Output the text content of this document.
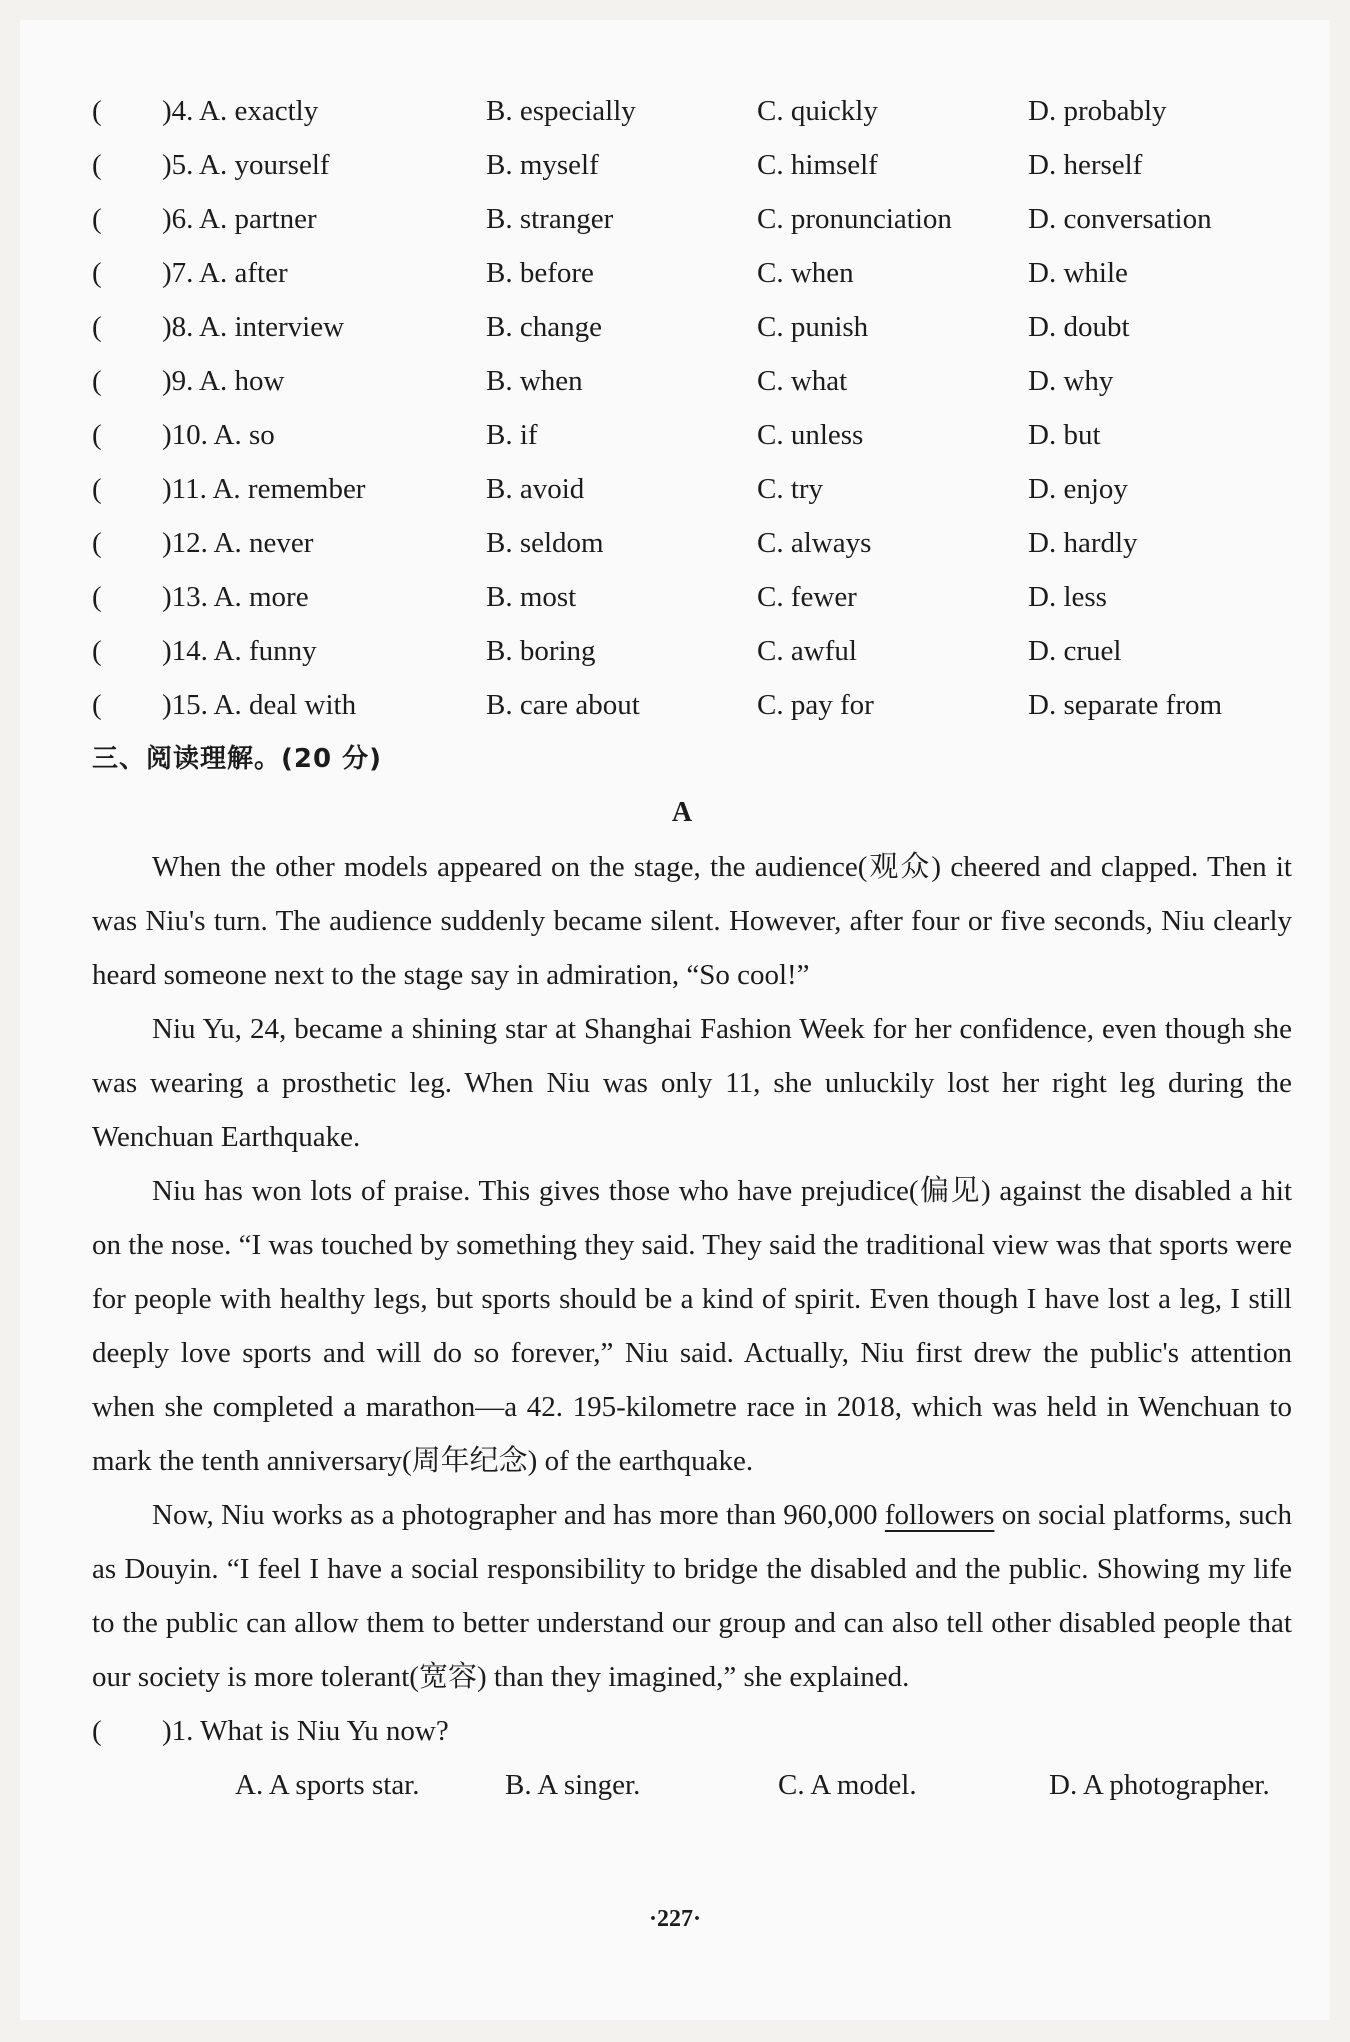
( )4. A. exactly	B. especially	C. quickly	D. probably
( )5. A. yourself	B. myself	C. himself	D. herself
( )6. A. partner	B. stranger	C. pronunciation	D. conversation
( )7. A. after	B. before	C. when	D. while
( )8. A. interview	B. change	C. punish	D. doubt
( )9. A. how	B. when	C. what	D. why
( )10. A. so	B. if	C. unless	D. but
( )11. A. remember	B. avoid	C. try	D. enjoy
( )12. A. never	B. seldom	C. always	D. hardly
( )13. A. more	B. most	C. fewer	D. less
( )14. A. funny	B. boring	C. awful	D. cruel
( )15. A. deal with	B. care about	C. pay for	D. separate from
三、阅读理解。(20 分)
A

When the other models appeared on the stage, the audience(观众) cheered and clapped. Then it was Niu's turn. The audience suddenly became silent. However, after four or five seconds, Niu clearly heard someone next to the stage say in admiration, “So cool!”

Niu Yu, 24, became a shining star at Shanghai Fashion Week for her confidence, even though she was wearing a prosthetic leg. When Niu was only 11, she unluckily lost her right leg during the Wenchuan Earthquake.

Niu has won lots of praise. This gives those who have prejudice(偏见) against the disabled a hit on the nose. “I was touched by something they said. They said the traditional view was that sports were for people with healthy legs, but sports should be a kind of spirit. Even though I have lost a leg, I still deeply love sports and will do so forever,” Niu said. Actually, Niu first drew the public's attention when she completed a marathon—a 42. 195-kilometre race in 2018, which was held in Wenchuan to mark the tenth anniversary(周年纪念) of the earthquake.

Now, Niu works as a photographer and has more than 960,000 followers on social platforms, such as Douyin. “I feel I have a social responsibility to bridge the disabled and the public. Showing my life to the public can allow them to better understand our group and can also tell other disabled people that our society is more tolerant(宽容) than they imagined,” she explained.

( )1. What is Niu Yu now?
A. A sports star.	B. A singer.	C. A model.	D. A photographer.
·227·
